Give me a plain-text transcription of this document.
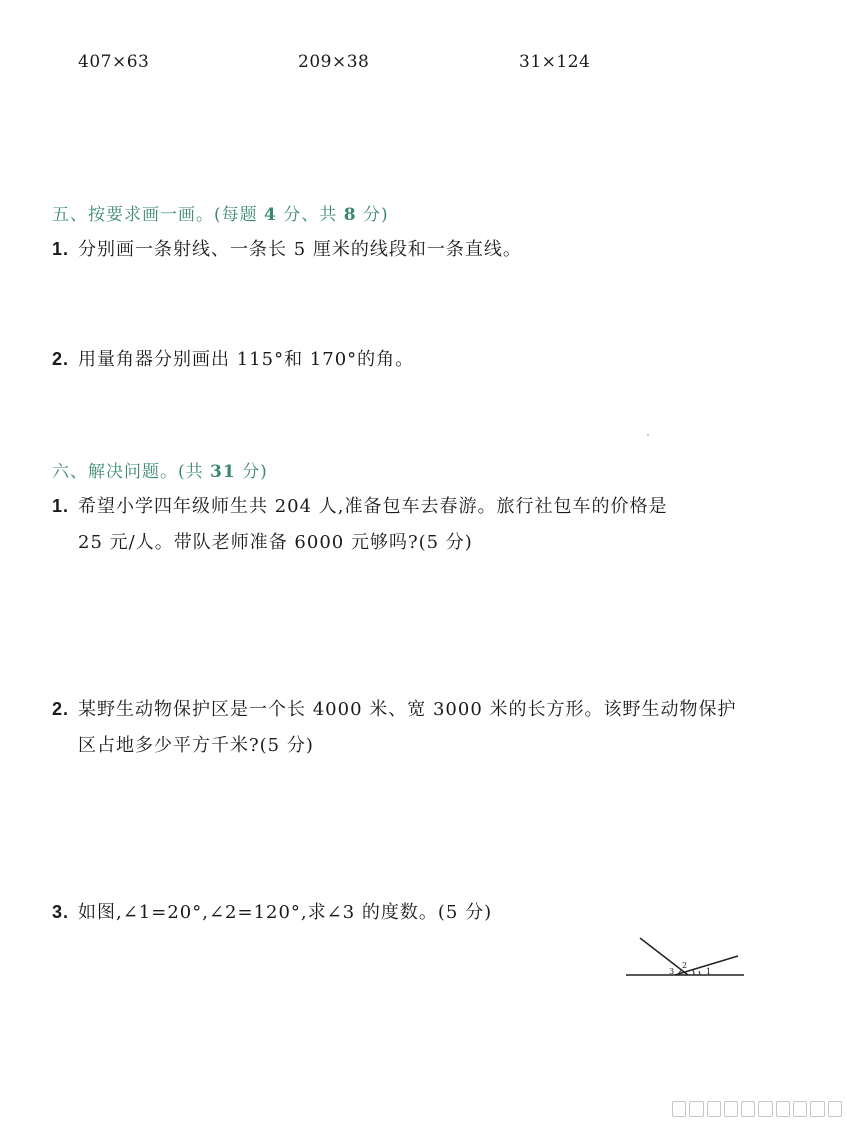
407×63	209×38	31×124
五、按要求画一画。(每题 4 分、共 8 分)
1. 分别画一条射线、一条长 5 厘米的线段和一条直线。
2. 用量角器分别画出 115°和 170°的角。
六、解决问题。(共 31 分)
1. 希望小学四年级师生共 204 人,准备包车去春游。旅行社包车的价格是
25 元/人。带队老师准备 6000 元够吗?(5 分)
2. 某野生动物保护区是一个长 4000 米、宽 3000 米的长方形。该野生动物保护
区占地多少平方千米?(5 分)
3. 如图,∠1=20°,∠2=120°,求∠3 的度数。(5 分)
3
2
1
